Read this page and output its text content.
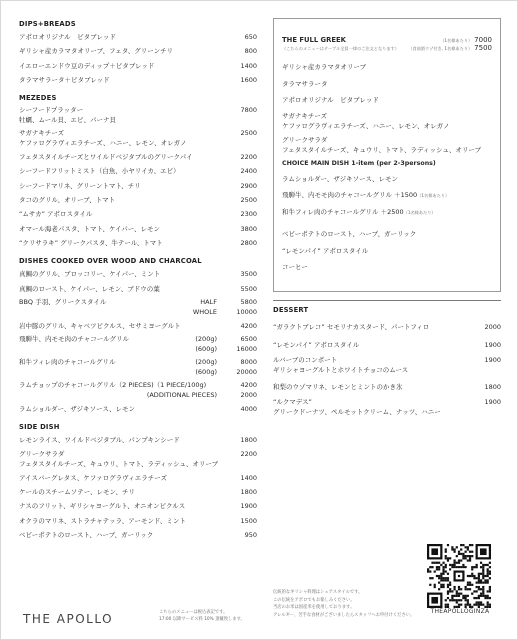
DIPS+BREADS
アポロオリジナル　ピタブレッド	650
ギリシャ産カラマタオリーブ、フェタ、グリーンチリ	800
イエローエンドウ豆のディップ＋ピタブレッド	1400
タラマサラータ＋ピタブレッド	1600
MEZEDES
シーフードプラッター
牡蠣、ムール貝、エビ、パーナ貝
7800
サガナキチーズ
ケファログラヴィエラチーズ、ハニー、レモン、オレガノ
2500
フェタスタイルチーズとワイルドベジタブルのグリークパイ	2200
シーフードフリットミスト（白魚、小ヤリイカ、エビ）	2400
シーフードマリネ、グリーントマト、チリ	2900
タコのグリル、オリーブ、トマト	2500
“ムサカ” アポロスタイル	2300
オマール海老パスタ、トマト、ケイパー、レモン	3800
“クリサラキ” グリークパスタ、牛テール、トマト	2800
DISHES COOKED OVER WOOD AND CHARCOAL
真鯛のグリル、ブロッコリー、ケイパー、ミント	3500
真鯛のロースト、ケイパー、レモン、ブドウの葉	5500
BBQ 手羽、グリークスタイル	HALF	5800
WHOLE	10000
岩中豚のグリル、キャベツピクルス、セサミヨーグルト	4200
飛騨牛、内モモ肉のチャコールグリル	(200g)	6500
(600g)	16000
和牛フィレ肉のチャコールグリル	(200g)	8000
(600g)	20000
ラムチョップのチャコールグリル（2 PIECES)（1 PIECE/100g)	4200
(ADDITIONAL PIECES)	2000
ラムショルダー、ザジキソース、レモン	4000
SIDE DISH
レモンライス、ワイルドベジタブル、パンプキンシード	1800
グリークサラダ
フェタスタイルチーズ、キュウリ、トマト、ラディッシュ、オリーブ
2200
アイスバーグレタス、ケファログラヴィエラチーズ	1400
ケールのスチームソテー、レモン、チリ	1800
ナスのフリット、ギリシャヨーグルト、オニオンピクルス	1900
オクラのマリネ、ストラチャテッラ、アーモンド、ミント	1500
ベビーポテトのロースト、ハーブ、ガーリック	950
THE FULL GREEK
（こちらのメニューはテーブル全員一律のご注文となります）
（1名様あたり） 7000
（食前酒ウゾ付き, 1名様あたり） 7500
ギリシャ産カラマタオリーブ
タラマサラータ
アポロオリジナル　ピタブレッド
サガナキチーズ
ケファログラヴィエラチーズ、ハニー、レモン、オレガノ
グリークサラダ
フェタスタイルチーズ、キュウリ、トマト、ラディッシュ、オリーブ
CHOICE MAIN DISH 1-item (per 2-3persons)
ラムショルダー、ザジキソース、レモン
飛騨牛、内モモ肉のチャコールグリル ＋1500（1名様あたり）
和牛フィレ肉のチャコールグリル ＋2500（1名様あたり）
ベビーポテトのロースト、ハーブ、ガーリック
“レモンパイ” アポロスタイル
コーヒー
DESSERT
“ガラクトブレコ” セモリナカスタード、パートフィロ	2000
“レモンパイ” アポロスタイル	1900
ルバーブのコンポート
ギリシャヨーグルトとホワイトチョコのムース
1900
和梨のウゾマリネ、レモンとミントのかき氷	1800
“ルクマデス”
グリークドーナツ、ペルモットクリーム、ナッツ、ハニー
1900
伝統的なギリシャ料理はシェアスタイルです。
この伝統をアポロでもお楽しみください。
当店のお米は国産米を使用しております。
アレルギー、苦手な食材がございましたらスタッフへお申付けください。	THEAPOLLOGINZA
THE APOLLO	こちらのメニューは税込表記です。
17:00 以降サービス料 10% 頂戴致します。
